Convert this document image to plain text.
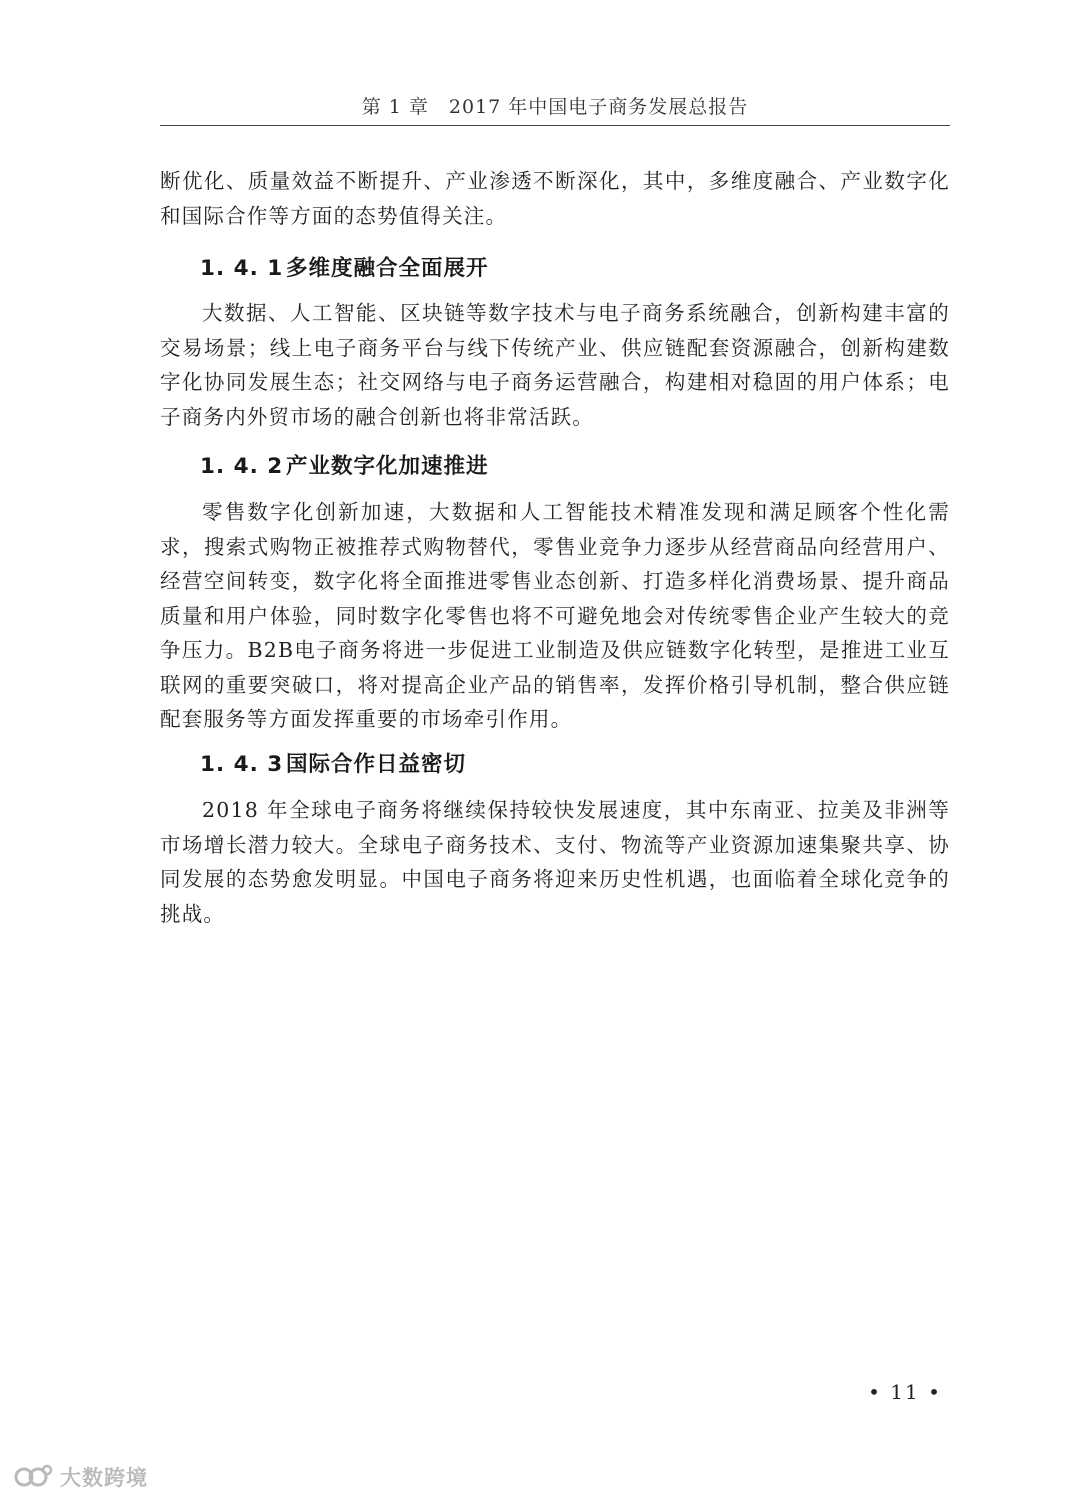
第 1 章　2017 年中国电子商务发展总报告

断优化、质量效益不断提升、产业渗透不断深化，其中，多维度融合、产业数字化和国际合作等方面的态势值得关注。

1. 4. 1 多维度融合全面展开

大数据、人工智能、区块链等数字技术与电子商务系统融合，创新构建丰富的交易场景；线上电子商务平台与线下传统产业、供应链配套资源融合，创新构建数字化协同发展生态；社交网络与电子商务运营融合，构建相对稳固的用户体系；电子商务内外贸市场的融合创新也将非常活跃。

1. 4. 2 产业数字化加速推进

零售数字化创新加速，大数据和人工智能技术精准发现和满足顾客个性化需求，搜索式购物正被推荐式购物替代，零售业竞争力逐步从经营商品向经营用户、经营空间转变，数字化将全面推进零售业态创新、打造多样化消费场景、提升商品质量和用户体验，同时数字化零售也将不可避免地会对传统零售企业产生较大的竞争压力。B2B电子商务将进一步促进工业制造及供应链数字化转型，是推进工业互联网的重要突破口，将对提高企业产品的销售率，发挥价格引导机制，整合供应链配套服务等方面发挥重要的市场牵引作用。

1. 4. 3 国际合作日益密切

2018 年全球电子商务将继续保持较快发展速度，其中东南亚、拉美及非洲等市场增长潜力较大。全球电子商务技术、支付、物流等产业资源加速集聚共享、协同发展的态势愈发明显。中国电子商务将迎来历史性机遇，也面临着全球化竞争的挑战。

• 11 •
大数跨境
